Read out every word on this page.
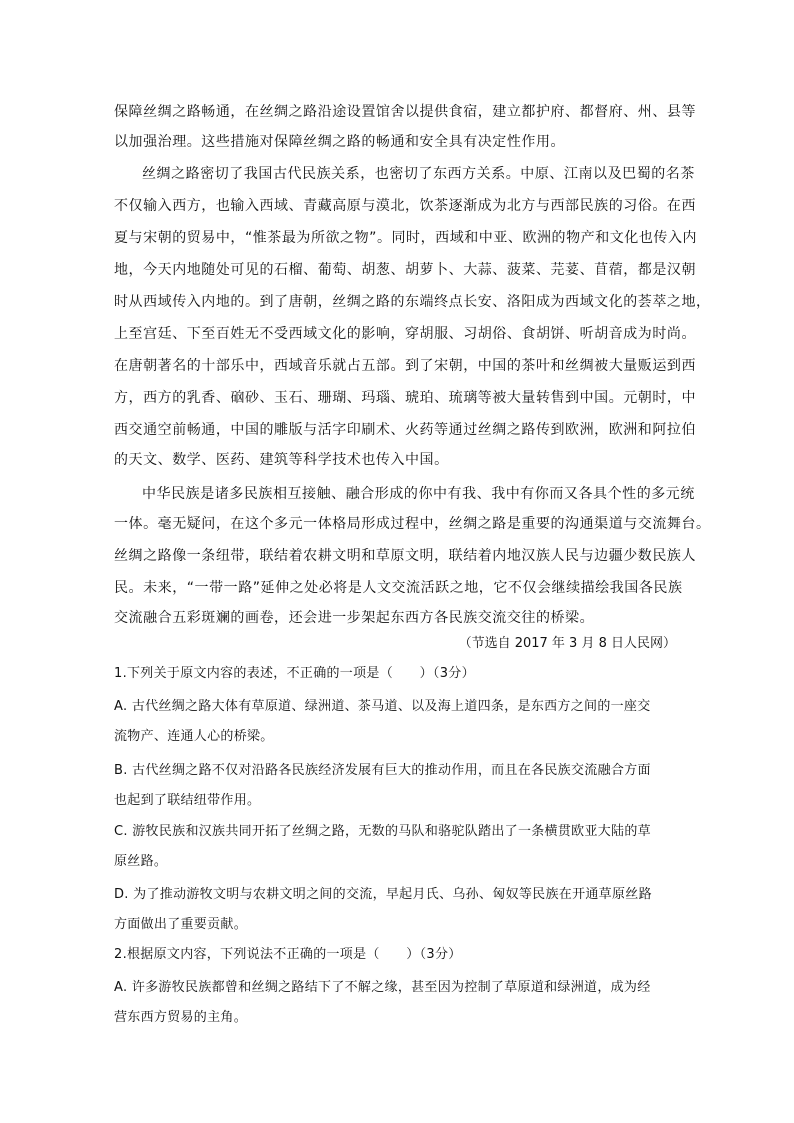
保障丝绸之路畅通，在丝绸之路沿途设置馆舍以提供食宿，建立都护府、都督府、州、县等
以加强治理。这些措施对保障丝绸之路的畅通和安全具有决定性作用。
丝绸之路密切了我国古代民族关系，也密切了东西方关系。中原、江南以及巴蜀的名茶
不仅输入西方，也输入西域、青藏高原与漠北，饮茶逐渐成为北方与西部民族的习俗。在西
夏与宋朝的贸易中，“惟茶最为所欲之物”。同时，西域和中亚、欧洲的物产和文化也传入内
地，今天内地随处可见的石榴、葡萄、胡葱、胡萝卜、大蒜、菠菜、芫荽、苜蓿，都是汉朝
时从西域传入内地的。到了唐朝，丝绸之路的东端终点长安、洛阳成为西域文化的荟萃之地，
上至宫廷、下至百姓无不受西域文化的影响，穿胡服、习胡俗、食胡饼、听胡音成为时尚。
在唐朝著名的十部乐中，西域音乐就占五部。到了宋朝，中国的茶叶和丝绸被大量贩运到西
方，西方的乳香、硇砂、玉石、珊瑚、玛瑙、琥珀、琉璃等被大量转售到中国。元朝时，中
西交通空前畅通，中国的雕版与活字印刷术、火药等通过丝绸之路传到欧洲，欧洲和阿拉伯
的天文、数学、医药、建筑等科学技术也传入中国。
中华民族是诸多民族相互接触、融合形成的你中有我、我中有你而又各具个性的多元统
一体。毫无疑问，在这个多元一体格局形成过程中，丝绸之路是重要的沟通渠道与交流舞台。
丝绸之路像一条纽带，联结着农耕文明和草原文明，联结着内地汉族人民与边疆少数民族人
民。未来，“一带一路”延伸之处必将是人文交流活跃之地，它不仅会继续描绘我国各民族
交流融合五彩斑斓的画卷，还会进一步架起东西方各民族交流交往的桥梁。
（节选自 2017 年 3 月 8 日人民网）
1.下列关于原文内容的表述，不正确的一项是（　　）（3分）
A. 古代丝绸之路大体有草原道、绿洲道、茶马道、以及海上道四条，是东西方之间的一座交
流物产、连通人心的桥梁。
B. 古代丝绸之路不仅对沿路各民族经济发展有巨大的推动作用，而且在各民族交流融合方面
也起到了联结纽带作用。
C. 游牧民族和汉族共同开拓了丝绸之路，无数的马队和骆驼队踏出了一条横贯欧亚大陆的草
原丝路。
D. 为了推动游牧文明与农耕文明之间的交流，早起月氏、乌孙、匈奴等民族在开通草原丝路
方面做出了重要贡献。
2.根据原文内容，下列说法不正确的一项是（　　）（3分）
A. 许多游牧民族都曾和丝绸之路结下了不解之缘，甚至因为控制了草原道和绿洲道，成为经
营东西方贸易的主角。
